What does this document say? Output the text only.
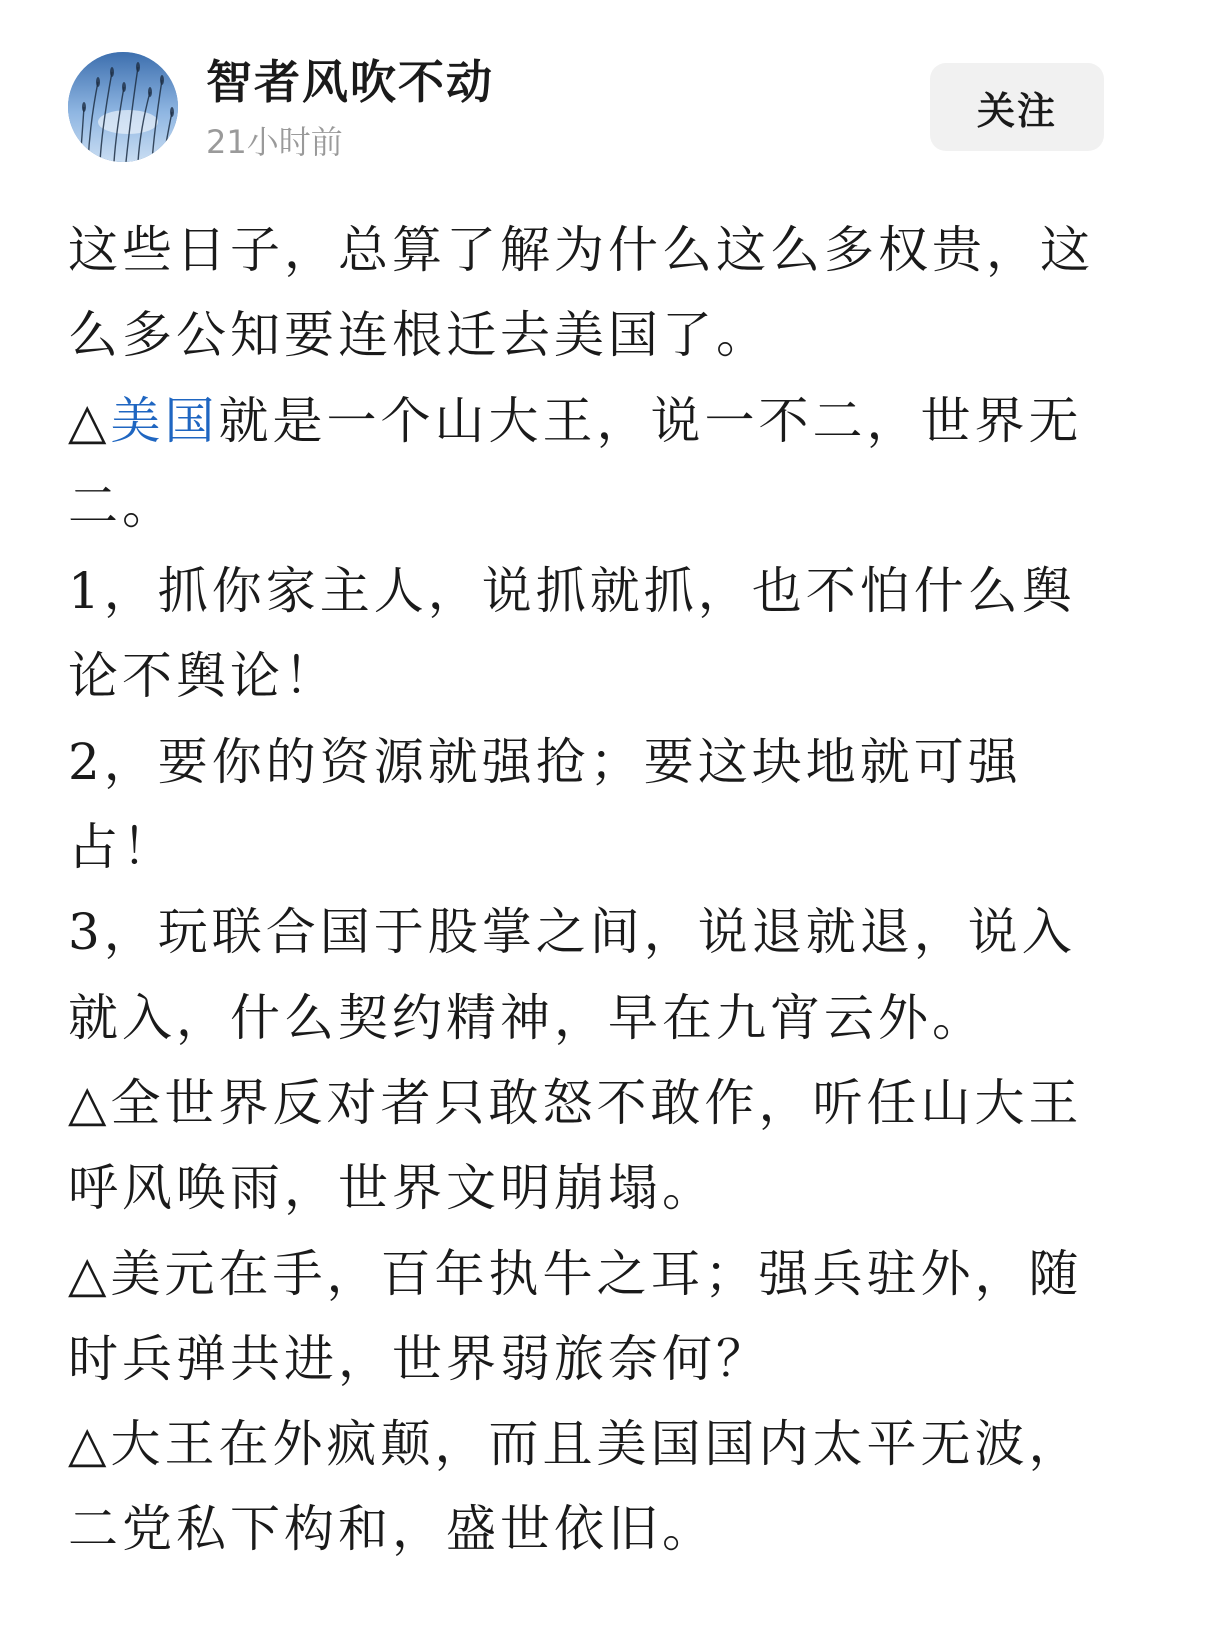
智者风吹不动
21小时前
关注

这些日子，总算了解为什么这么多权贵，这么多公知要连根迁去美国了。

△美国就是一个山大王，说一不二，世界无二。

1，抓你家主人，说抓就抓，也不怕什么舆论不舆论！

2，要你的资源就强抢；要这块地就可强占！

3，玩联合国于股掌之间，说退就退，说入就入，什么契约精神，早在九宵云外。

△全世界反对者只敢怒不敢作，听任山大王呼风唤雨，世界文明崩塌。

△美元在手，百年执牛之耳；强兵驻外，随时兵弹共进，世界弱旅奈何？

△大王在外疯颠，而且美国国内太平无波，二党私下构和，盛世依旧。
